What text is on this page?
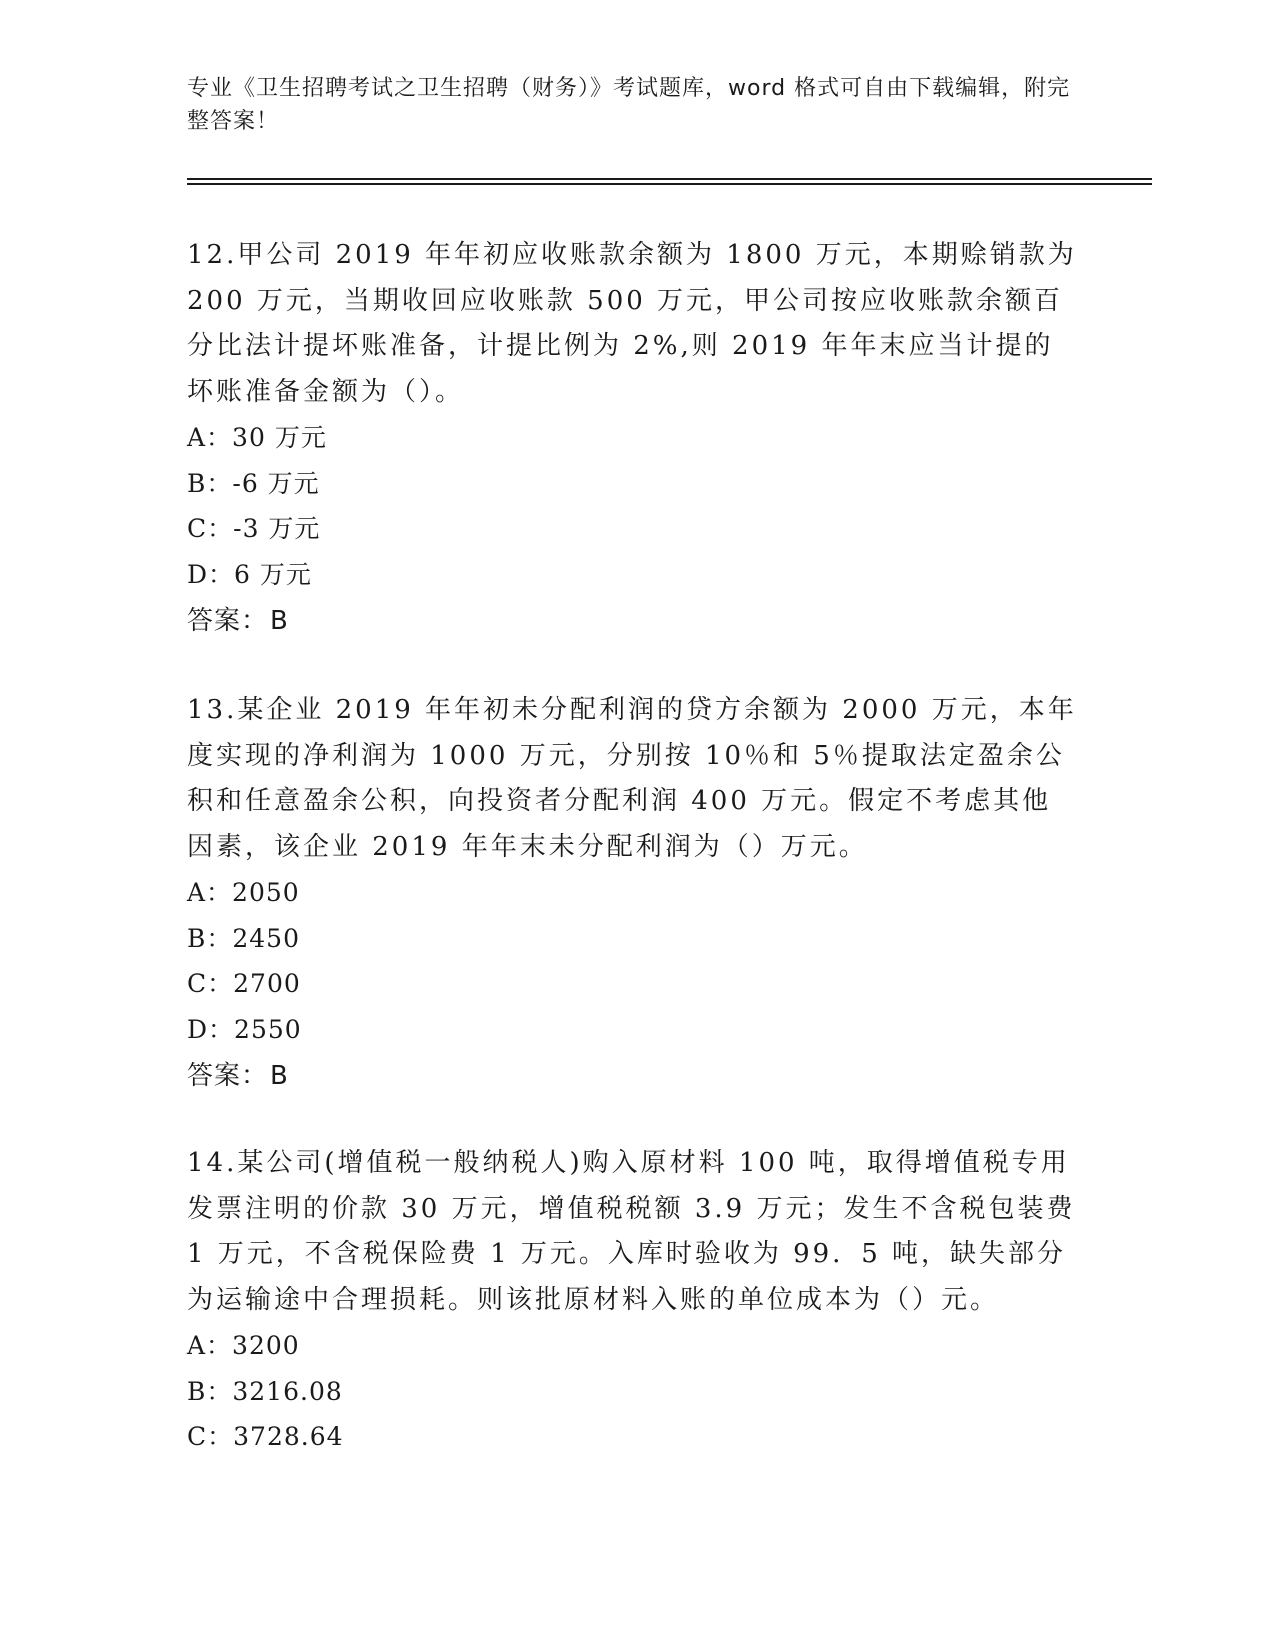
专业《卫生招聘考试之卫生招聘（财务）》考试题库，word 格式可自由下载编辑，附完整答案！

12.甲公司 2019 年年初应收账款余额为 1800 万元，本期赊销款为 200 万元，当期收回应收账款 500 万元，甲公司按应收账款余额百分比法计提坏账准备，计提比例为 2%,则 2019 年年末应当计提的坏账准备金额为（）。

A：30 万元
B：-6 万元
C：-3 万元
D：6 万元
答案：B

13.某企业 2019 年年初未分配利润的贷方余额为 2000 万元，本年度实现的净利润为 1000 万元，分别按 10％和 5％提取法定盈余公积和任意盈余公积，向投资者分配利润 400 万元。假定不考虑其他因素，该企业 2019 年年末未分配利润为（）万元。

A：2050
B：2450
C：2700
D：2550
答案：B

14.某公司(增值税一般纳税人)购入原材料 100 吨，取得增值税专用发票注明的价款 30 万元，增值税税额 3.9 万元；发生不含税包装费 1 万元，不含税保险费 1 万元。入库时验收为 99．5 吨，缺失部分为运输途中合理损耗。则该批原材料入账的单位成本为（）元。

A：3200
B：3216.08
C：3728.64
